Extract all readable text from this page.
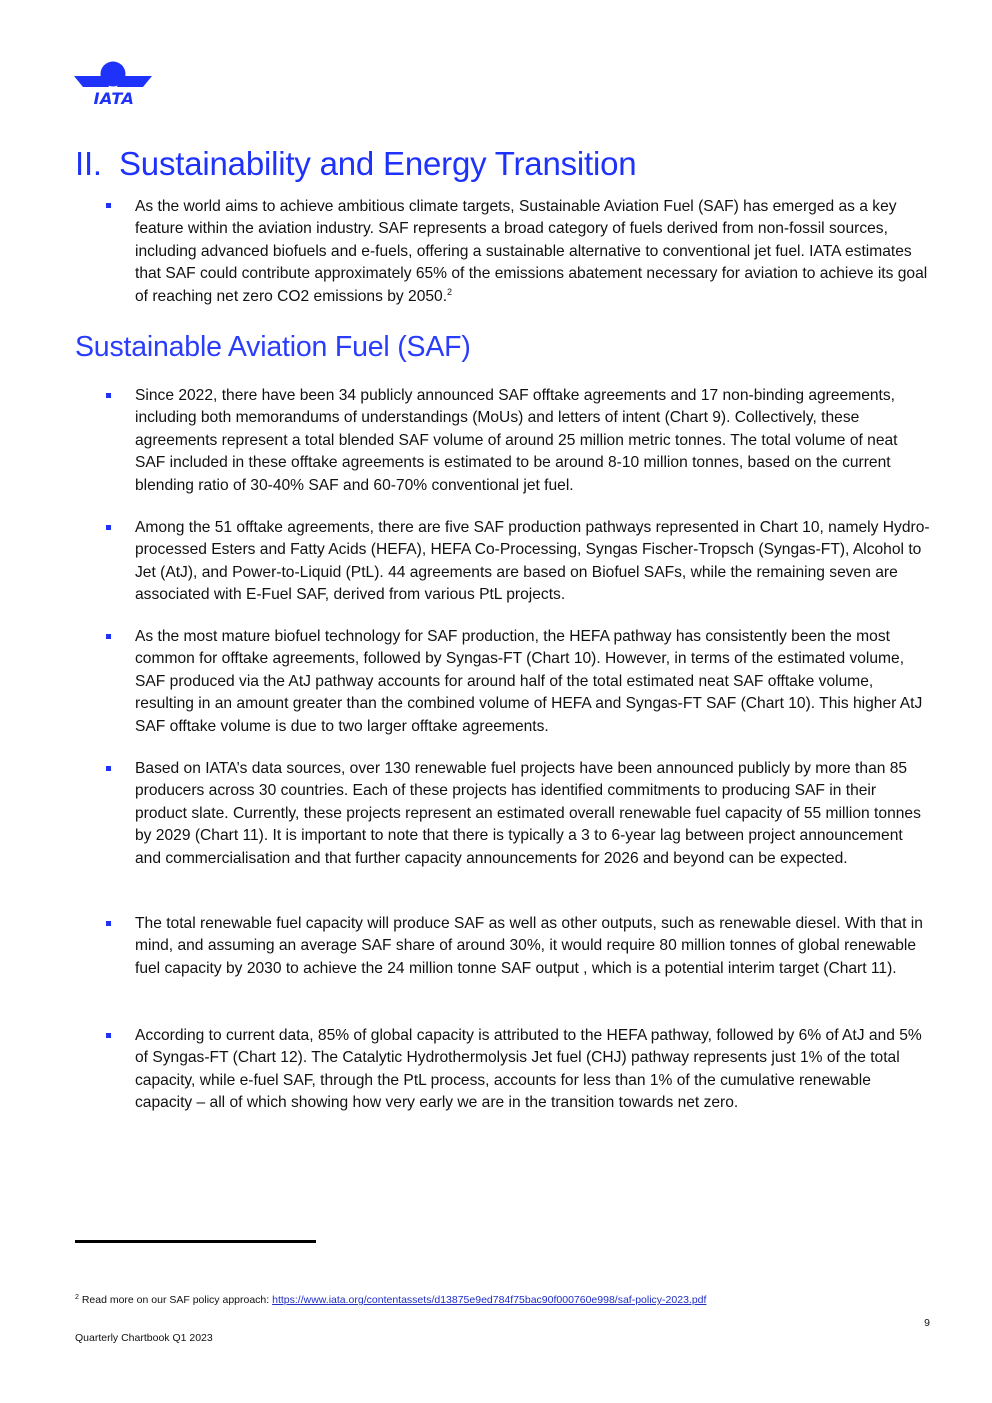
IATA
II. Sustainability and Energy Transition

As the world aims to achieve ambitious climate targets, Sustainable Aviation Fuel (SAF) has emerged as a key feature within the aviation industry. SAF represents a broad category of fuels derived from non-fossil sources, including advanced biofuels and e-fuels, offering a sustainable alternative to conventional jet fuel. IATA estimates that SAF could contribute approximately 65% of the emissions abatement necessary for aviation to achieve its goal of reaching net zero CO2 emissions by 2050.$^2$

Sustainable Aviation Fuel (SAF)

Since 2022, there have been 34 publicly announced SAF offtake agreements and 17 non-binding agreements, including both memorandums of understandings (MoUs) and letters of intent (Chart 9). Collectively, these agreements represent a total blended SAF volume of around 25 million metric tonnes. The total volume of neat SAF included in these offtake agreements is estimated to be around 8-10 million tonnes, based on the current blending ratio of 30-40% SAF and 60-70% conventional jet fuel.

Among the 51 offtake agreements, there are five SAF production pathways represented in Chart 10, namely Hydro-processed Esters and Fatty Acids (HEFA), HEFA Co-Processing, Syngas Fischer-Tropsch (Syngas-FT), Alcohol to Jet (AtJ), and Power-to-Liquid (PtL). 44 agreements are based on Biofuel SAFs, while the remaining seven are associated with E-Fuel SAF, derived from various PtL projects.

As the most mature biofuel technology for SAF production, the HEFA pathway has consistently been the most common for offtake agreements, followed by Syngas-FT (Chart 10). However, in terms of the estimated volume, SAF produced via the AtJ pathway accounts for around half of the total estimated neat SAF offtake volume, resulting in an amount greater than the combined volume of HEFA and Syngas-FT SAF (Chart 10). This higher AtJ SAF offtake volume is due to two larger offtake agreements.

Based on IATA’s data sources, over 130 renewable fuel projects have been announced publicly by more than 85 producers across 30 countries. Each of these projects has identified commitments to producing SAF in their product slate. Currently, these projects represent an estimated overall renewable fuel capacity of 55 million tonnes by 2029 (Chart 11). It is important to note that there is typically a 3 to 6-year lag between project announcement and commercialisation and that further capacity announcements for 2026 and beyond can be expected.

The total renewable fuel capacity will produce SAF as well as other outputs, such as renewable diesel. With that in mind, and assuming an average SAF share of around 30%, it would require 80 million tonnes of global renewable fuel capacity by 2030 to achieve the 24 million tonne SAF output , which is a potential interim target (Chart 11).

According to current data, 85% of global capacity is attributed to the HEFA pathway, followed by 6% of AtJ and 5% of Syngas-FT (Chart 12). The Catalytic Hydrothermolysis Jet fuel (CHJ) pathway represents just 1% of the total capacity, while e-fuel SAF, through the PtL process, accounts for less than 1% of the cumulative renewable capacity – all of which showing how very early we are in the transition towards net zero.

$^2$ Read more on our SAF policy approach: https://www.iata.org/contentassets/d13875e9ed784f75bac90f000760e998/saf-policy-2023.pdf
9
Quarterly Chartbook Q1 2023
